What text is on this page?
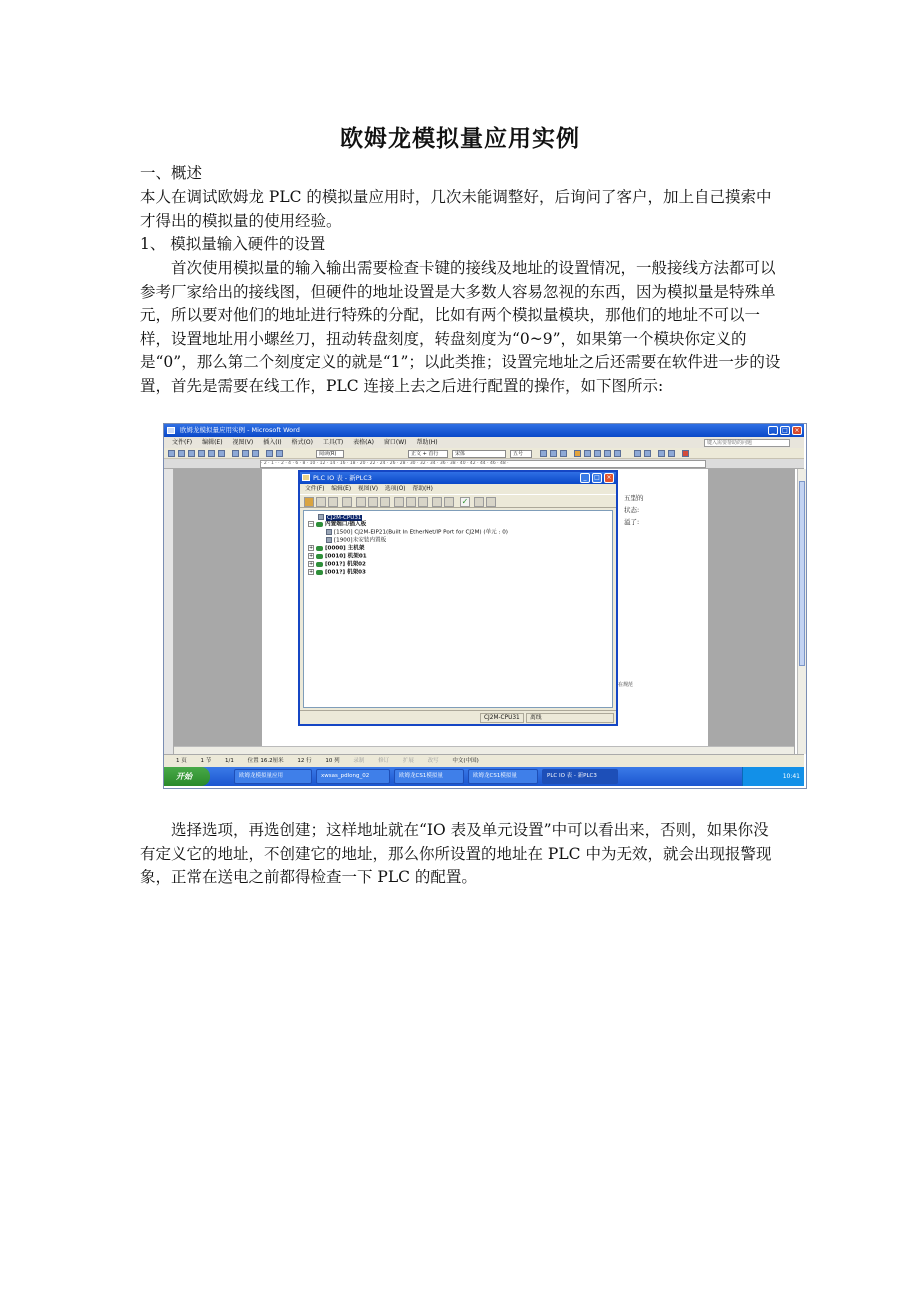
欧姆龙模拟量应用实例

一、概述

本人在调试欧姆龙 PLC 的模拟量应用时，几次未能调整好，后询问了客户，加上自己摸索中才得出的模拟量的使用经验。

1、 模拟量输入硬件的设置

首次使用模拟量的输入输出需要检查卡键的接线及地址的设置情况，一般接线方法都可以参考厂家给出的接线图，但硬件的地址设置是大多数人容易忽视的东西，因为模拟量是特殊单元，所以要对他们的地址进行特殊的分配，比如有两个模拟量模块，那他们的地址不可以一样，设置地址用小螺丝刀，扭动转盘刻度，转盘刻度为“0~9”，如果第一个模块你定义的是“0”，那么第二个刻度定义的就是“1”；以此类推；设置完地址之后还需要在软件进一步的设置，首先是需要在线工作，PLC 连接上去之后进行配置的操作，如下图所示:

欧姆龙模拟量应用实例 - Microsoft Word	_	□	×
文件(F) 编辑(E) 视图(V) 插入(I) 格式(O) 工具(T) 表格(A) 窗口(W) 帮助(H)	键入需要帮助的问题
阅读(R)	正文 + 首行	宋体	五号
· 2 · 1 · · 2 · 4 · 6 · 8 · 10 · 12 · 14 · 16 · 18 · 20 · 22 · 24 · 26 · 28 · 30 · 32 · 34 · 36 · 38 · 40 · 42 · 44 · 46 · 48 ·
五型的
状态:
溢了:
在规范
1 页	1 节	1/1	位置 16.2厘米	12 行	10 列	录制	修订	扩展	改写	中文(中国)
开始	欧姆龙模拟量应用	xwsas_pdlong_02	欧姆龙CS1模拟量	欧姆龙CS1模拟量	PLC IO 表 - 新PLC3	10:41
PLC IO 表 - 新PLC3	_	□	×
文件(F) 编辑(E) 视图(V) 选项(O) 帮助(H)
✓
CJ2M-CPU31
− 内置端口/插入板
[1500] CJ2M-EIP21(Built In EtherNet/IP Port for CJ2M) (单元 : 0)
[1900]未安装内置板
+ [0000] 主机架
+ [0010] 机架01
+ [001?] 机架02
+ [001?] 机架03
CJ2M-CPU31	离线

选择选项，再选创建；这样地址就在“IO 表及单元设置”中可以看出来，否则，如果你没有定义它的地址，不创建它的地址，那么你所设置的地址在 PLC 中为无效，就会出现报警现象，正常在送电之前都得检查一下 PLC 的配置。
